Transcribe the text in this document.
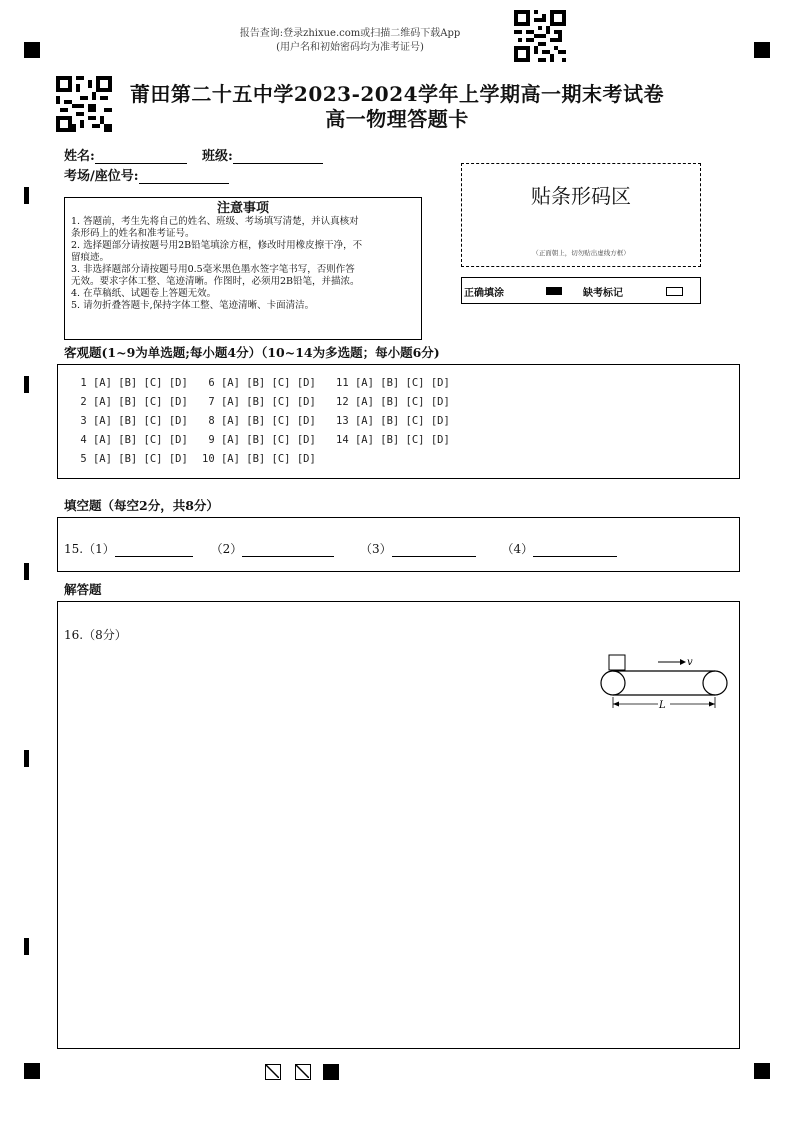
报告查询:登录zhixue.com或扫描二维码下载App
(用户名和初始密码均为准考证号)
莆田第二十五中学2023-2024学年上学期高一期末考试卷
高一物理答题卡
姓名:	班级:
考场/座位号:
贴条形码区
（正面朝上，切勿贴出虚线方框）
正确填涂	缺考标记
注意事项

1. 答题前，考生先将自己的姓名、班级、考场填写清楚，并认真核对

条形码上的姓名和准考证号。

2. 选择题部分请按题号用2B铅笔填涂方框，修改时用橡皮擦干净，不

留痕迹。

3. 非选择题部分请按题号用0.5毫米黑色墨水签字笔书写，否则作答

无效。要求字体工整、笔迹清晰。作图时，必须用2B铅笔，并描浓。

4. 在草稿纸、试题卷上答题无效。

5. 请勿折叠答题卡,保持字体工整、笔迹清晰、卡面清洁。

客观题(1~9为单选题;每小题4分）（10~14为多选题；每小题6分)
1 [A] [B] [C] [D]
2 [A] [B] [C] [D]
3 [A] [B] [C] [D]
4 [A] [B] [C] [D]
5 [A] [B] [C] [D]
6 [A] [B] [C] [D]
7 [A] [B] [C] [D]
8 [A] [B] [C] [D]
9 [A] [B] [C] [D]
10 [A] [B] [C] [D]
11 [A] [B] [C] [D]
12 [A] [B] [C] [D]
13 [A] [B] [C] [D]
14 [A] [B] [C] [D]
填空题（每空2分，共8分）
15.（1）	（2）	（3）	（4）
解答题
16.（8分）
v
L
